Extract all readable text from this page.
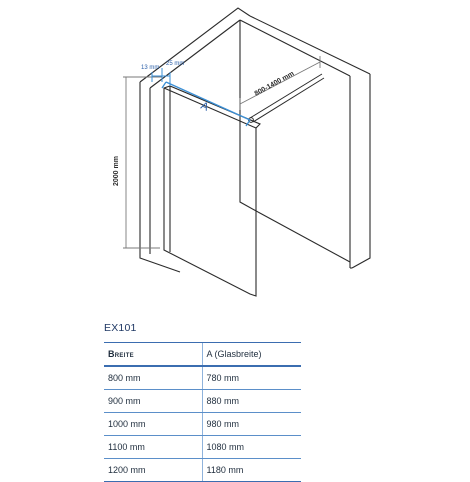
13 mm
25 mm
800-1400 mm
A
2000 mm
EX101
Breite	A (Glasbreite)
800 mm	780 mm
900 mm	880 mm
1000 mm	980 mm
1100 mm	1080 mm
1200 mm	1180 mm
